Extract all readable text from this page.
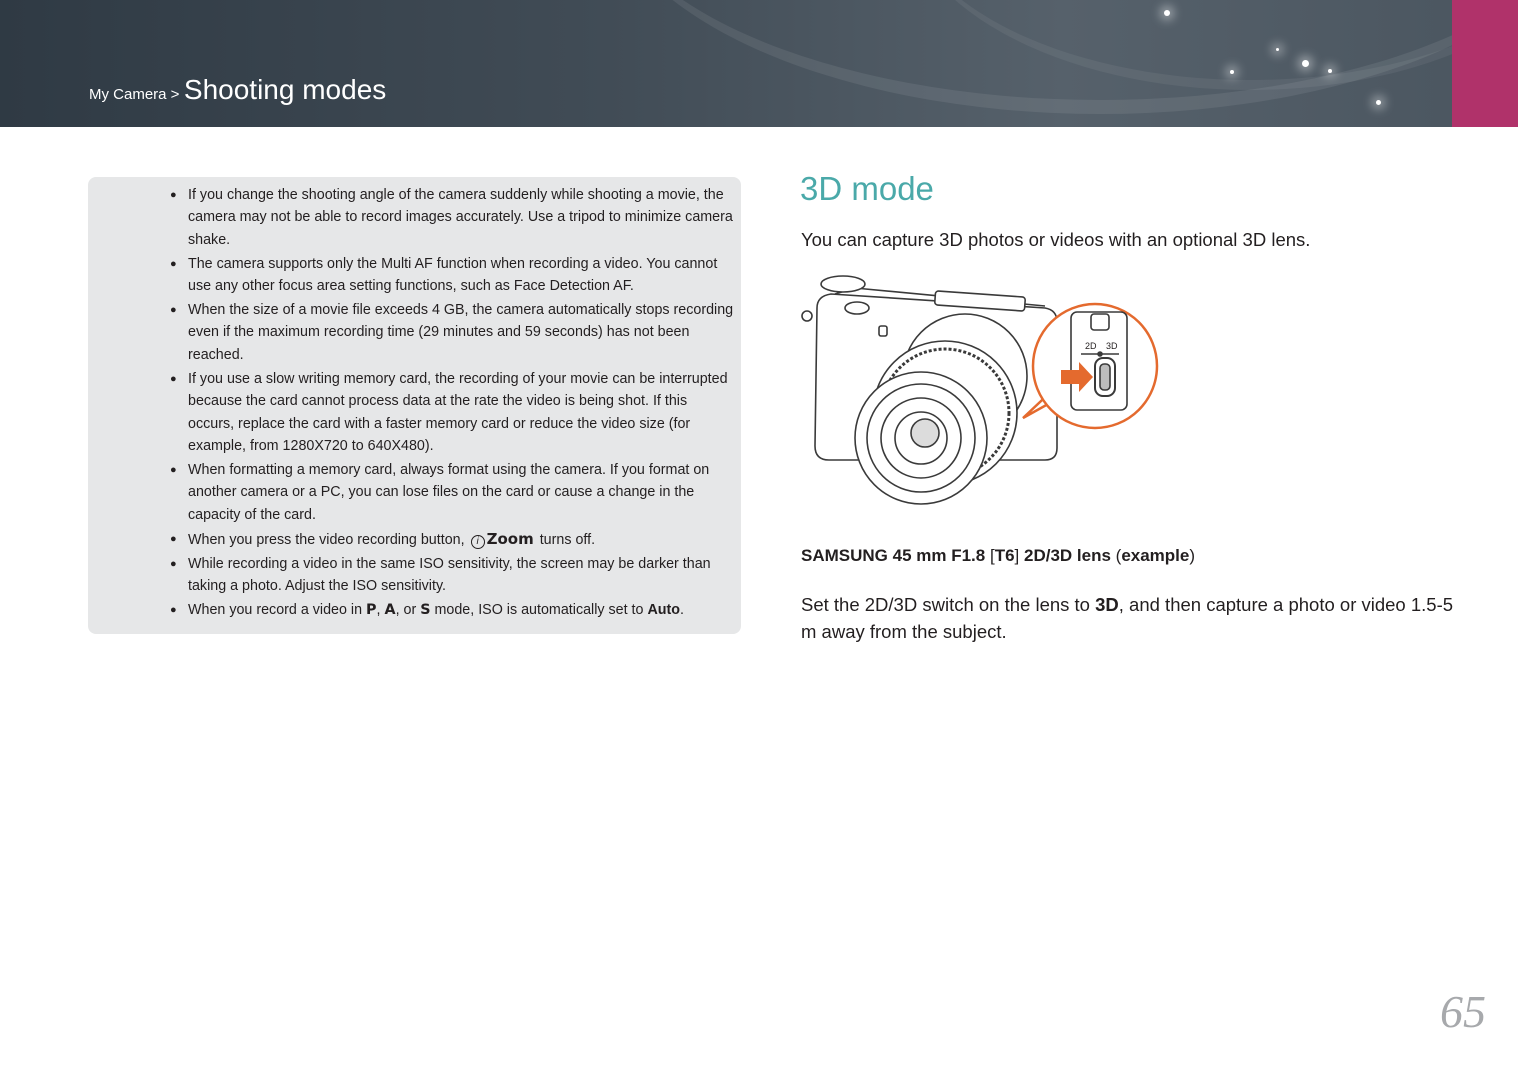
My Camera > Shooting modes
● If you change the shooting angle of the camera suddenly while shooting a movie, the camera may not be able to record images accurately. Use a tripod to minimize camera shake.
● The camera supports only the Multi AF function when recording a video. You cannot use any other focus area setting functions, such as Face Detection AF.
● When the size of a movie file exceeds 4 GB, the camera automatically stops recording even if the maximum recording time (29 minutes and 59 seconds) has not been reached.
● If you use a slow writing memory card, the recording of your movie can be interrupted because the card cannot process data at the rate the video is being shot. If this occurs, replace the card with a faster memory card or reduce the video size (for example, from 1280X720 to 640X480).
● When formatting a memory card, always format using the camera. If you format on another camera or a PC, you can lose files on the card or cause a change in the capacity of the card.
● When you press the video recording button, i Zoom turns off.
● While recording a video in the same ISO sensitivity, the screen may be darker than taking a photo. Adjust the ISO sensitivity.
● When you record a video in P, A, or S mode, ISO is automatically set to Auto.
3D mode

You can capture 3D photos or videos with an optional 3D lens.

2D 3D

SAMSUNG 45 mm F1.8 [T6] 2D/3D lens (example)

Set the 2D/3D switch on the lens to 3D, and then capture a photo or video 1.5-5 m away from the subject.

65
